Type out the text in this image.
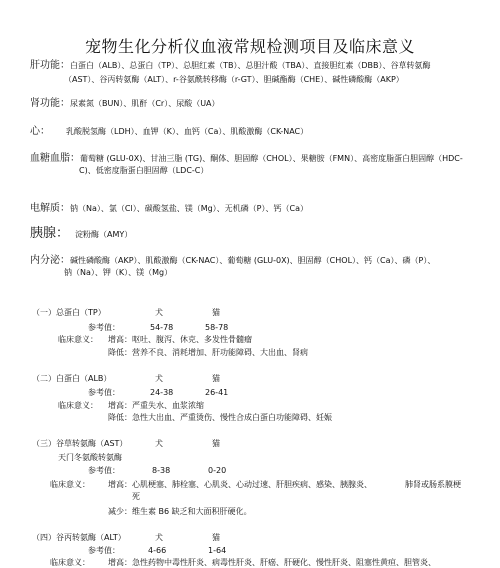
宠物生化分析仪血液常规检测项目及临床意义
肝功能：白蛋白（ALB）、总蛋白（TP）、总胆红素（TB）、总胆汁酸（TBA）、直接胆红素（DBB）、谷草转氨酶
（AST）、谷丙转氨酶（ALT）、r-谷氨酰转移酶（r-GT）、胆碱酯酶（CHE）、碱性磷酸酶（AKP）
肾功能：尿素氮（BUN）、肌酐（Cr）、尿酸（UA）
心： 乳酸脱氢酶（LDH）、血钾（K）、血钙（Ca）、肌酸激酶（CK-NAC）
血糖血脂：葡萄糖 (GLU-0X)、甘油三脂 (TG)、酮体、胆固醇（CHOL）、果糖胺（FMN）、高密度脂蛋白胆固醇（HDC-
C)、低密度脂蛋白胆固醇（LDC-C）
电解质：钠（Na）、氯（Cl）、碳酸氢盐、镁（Mg）、无机磷（P）、钙（Ca）
胰腺： 淀粉酶（AMY）
内分泌：碱性磷酸酶（AKP）、肌酸激酶（CK-NAC）、葡萄糖 (GLU-0X)、胆固醇（CHOL）、钙（Ca）、磷（P）、
钠（Na）、钾（K）、镁（Mg）
（一）总蛋白（TP）	犬	猫
参考值：	54-78	58-78
临床意义： 增高： 呕吐、腹泻、休克、多发性骨髓瘤
降低： 营养不良、消耗增加、肝功能障碍、大出血、肾病
（二）白蛋白（ALB）	犬	猫
参考值：	24-38	26-41
临床意义： 增高： 严重失水、血浆浓缩
降低： 急性大出血、严重烫伤、慢性合成白蛋白功能障碍、妊娠
（三）谷草转氨酶（AST）	犬	猫
天门冬氨酸转氨酶
参考值：	8-38	0-20
临床意义： 增高： 心肌梗塞、肺栓塞、心肌炎、心动过速、肝胆疾病、感染、胰腺炎、	肺肾或肠系膜梗
死
减少： 维生素 B6 缺乏和大面积肝硬化。
（四）谷丙转氨酶（ALT）	犬	猫
参考值：	4-66	1-64
临床意义： 增高： 急性药物中毒性肝炎、病毒性肝炎、肝癌、肝硬化、慢性肝炎、阻塞性黄疸、胆管炎、
